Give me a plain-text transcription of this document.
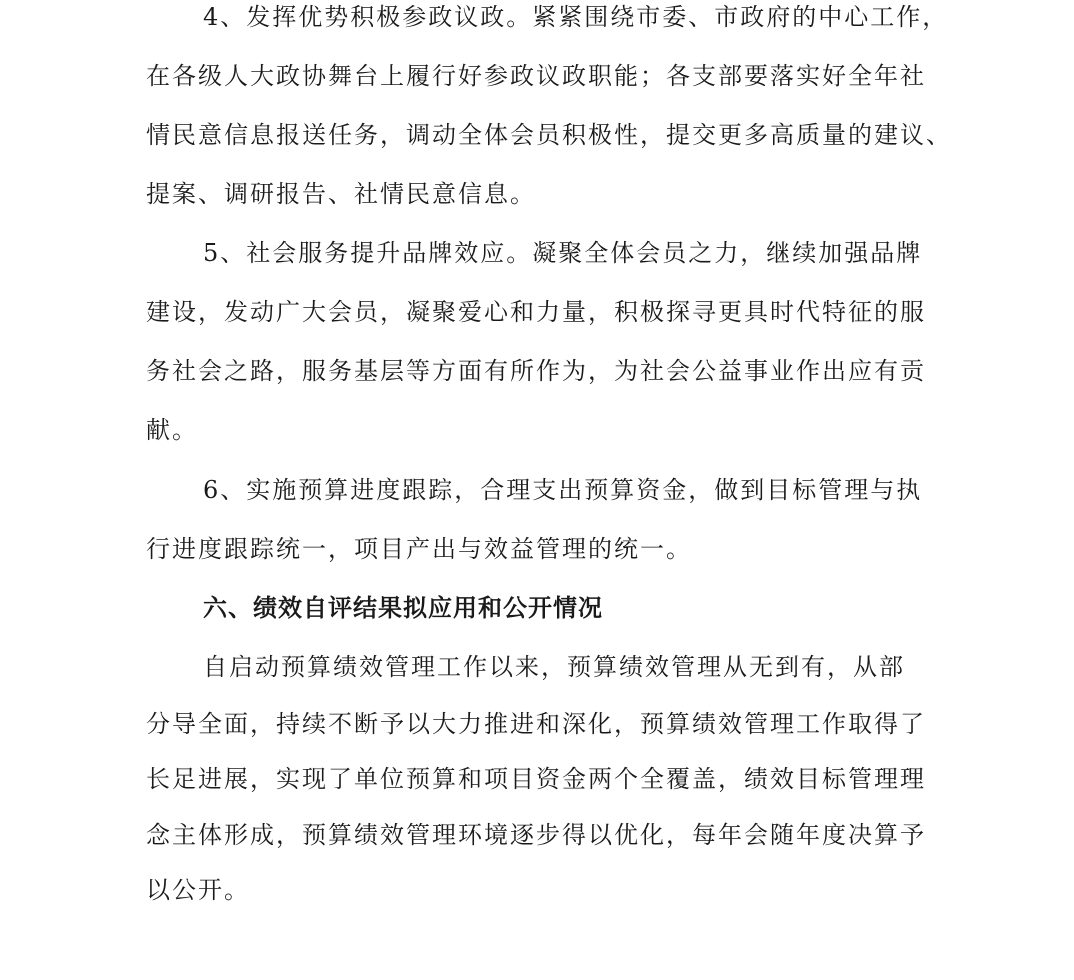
4、发挥优势积极参政议政。紧紧围绕市委、市政府的中心工作，
在各级人大政协舞台上履行好参政议政职能；各支部要落实好全年社
情民意信息报送任务，调动全体会员积极性，提交更多高质量的建议、
提案、调研报告、社情民意信息。
5、社会服务提升品牌效应。凝聚全体会员之力，继续加强品牌
建设，发动广大会员，凝聚爱心和力量，积极探寻更具时代特征的服
务社会之路，服务基层等方面有所作为，为社会公益事业作出应有贡
献。
6、实施预算进度跟踪，合理支出预算资金，做到目标管理与执
行进度跟踪统一，项目产出与效益管理的统一。
六、绩效自评结果拟应用和公开情况
自启动预算绩效管理工作以来，预算绩效管理从无到有，从部
分导全面，持续不断予以大力推进和深化，预算绩效管理工作取得了
长足进展，实现了单位预算和项目资金两个全覆盖，绩效目标管理理
念主体形成，预算绩效管理环境逐步得以优化，每年会随年度决算予
以公开。
